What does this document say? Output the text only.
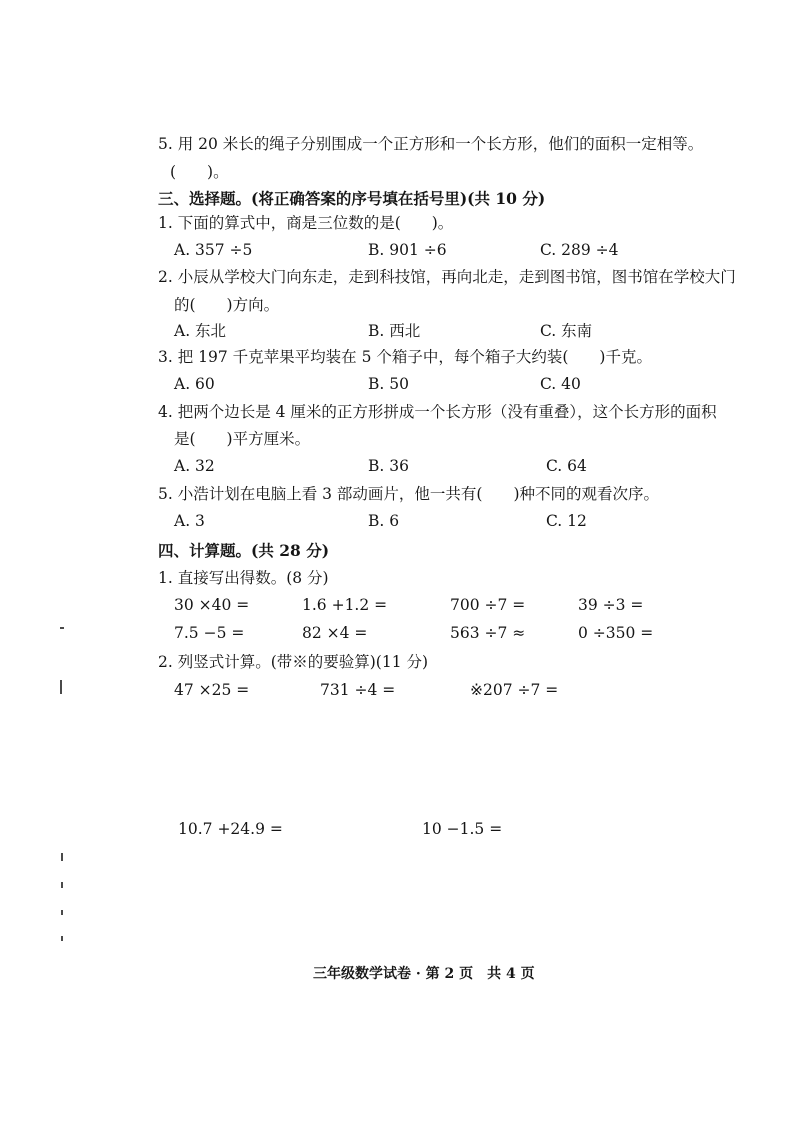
5. 用 20 米长的绳子分别围成一个正方形和一个长方形，他们的面积一定相等。
(　　)。
三、选择题。(将正确答案的序号填在括号里)(共 10 分)
1. 下面的算式中，商是三位数的是(　　)。
A. 357 ÷5	B. 901 ÷6	C. 289 ÷4
2. 小辰从学校大门向东走，走到科技馆，再向北走，走到图书馆，图书馆在学校大门
的(　　)方向。
A. 东北	B. 西北	C. 东南
3. 把 197 千克苹果平均装在 5 个箱子中，每个箱子大约装(　　)千克。
A. 60	B. 50	C. 40
4. 把两个边长是 4 厘米的正方形拼成一个长方形（没有重叠），这个长方形的面积
是(　　)平方厘米。
A. 32	B. 36	C. 64
5. 小浩计划在电脑上看 3 部动画片，他一共有(　　)种不同的观看次序。
A. 3	B. 6	C. 12
四、计算题。(共 28 分)
1. 直接写出得数。(8 分)
30 ×40 =	1.6 +1.2 =	700 ÷7 =	39 ÷3 =
7.5 −5 =	82 ×4 =	563 ÷7 ≈	0 ÷350 =
2. 列竖式计算。(带※的要验算)(11 分)
47 ×25 =	731 ÷4 =	※207 ÷7 =
10.7 +24.9 =	10 −1.5 =
三年级数学试卷 · 第 2 页　共 4 页
